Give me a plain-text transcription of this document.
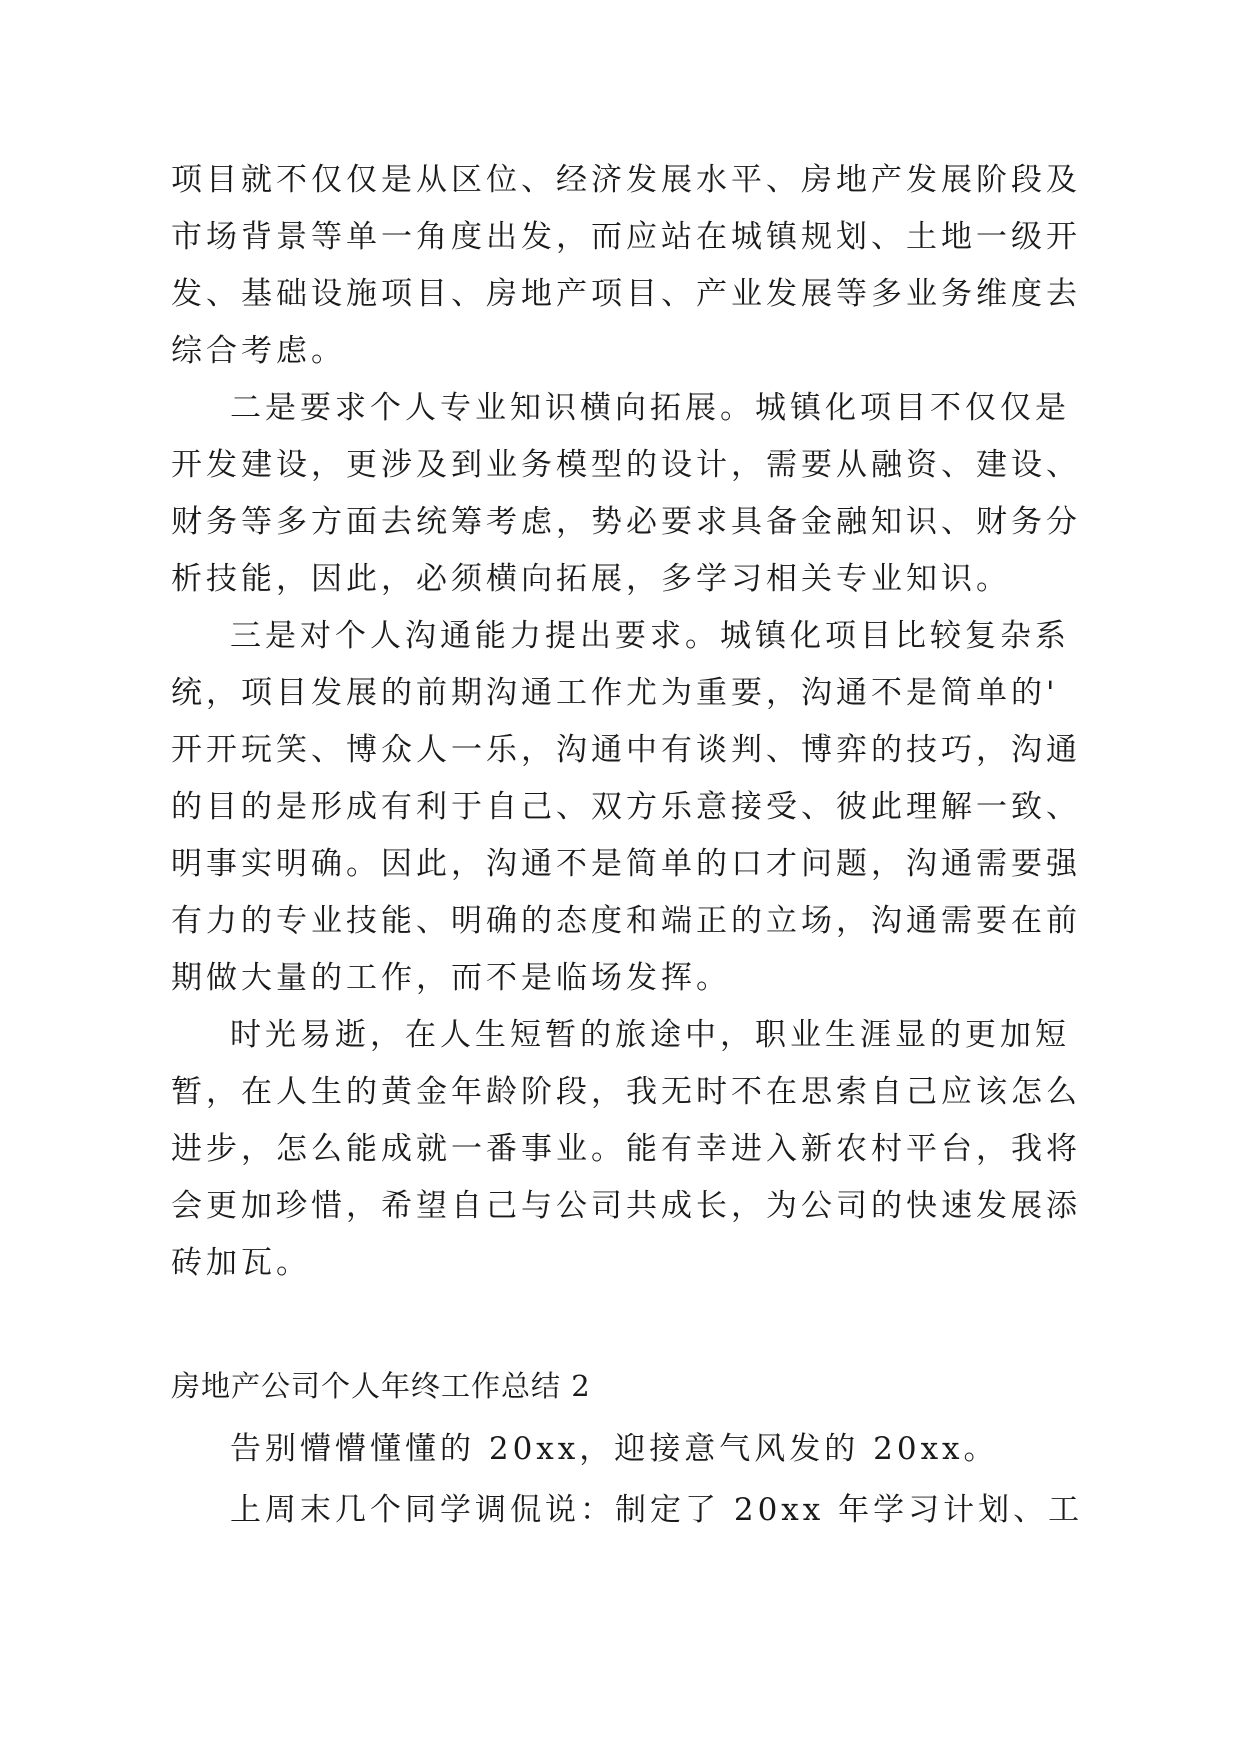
项目就不仅仅是从区位、经济发展水平、房地产发展阶段及
市场背景等单一角度出发，而应站在城镇规划、土地一级开
发、基础设施项目、房地产项目、产业发展等多业务维度去
综合考虑。
二是要求个人专业知识横向拓展。城镇化项目不仅仅是
开发建设，更涉及到业务模型的设计，需要从融资、建设、
财务等多方面去统筹考虑，势必要求具备金融知识、财务分
析技能，因此，必须横向拓展，多学习相关专业知识。
三是对个人沟通能力提出要求。城镇化项目比较复杂系
统，项目发展的前期沟通工作尤为重要，沟通不是简单的'
开开玩笑、博众人一乐，沟通中有谈判、博弈的技巧，沟通
的目的是形成有利于自己、双方乐意接受、彼此理解一致、
明事实明确。因此，沟通不是简单的口才问题，沟通需要强
有力的专业技能、明确的态度和端正的立场，沟通需要在前
期做大量的工作，而不是临场发挥。
时光易逝，在人生短暂的旅途中，职业生涯显的更加短
暂，在人生的黄金年龄阶段，我无时不在思索自己应该怎么
进步，怎么能成就一番事业。能有幸进入新农村平台，我将
会更加珍惜，希望自己与公司共成长，为公司的快速发展添
砖加瓦。
房地产公司个人年终工作总结 2
告别懵懵懂懂的 20xx，迎接意气风发的 20xx。
上周末几个同学调侃说：制定了 20xx 年学习计划、工
